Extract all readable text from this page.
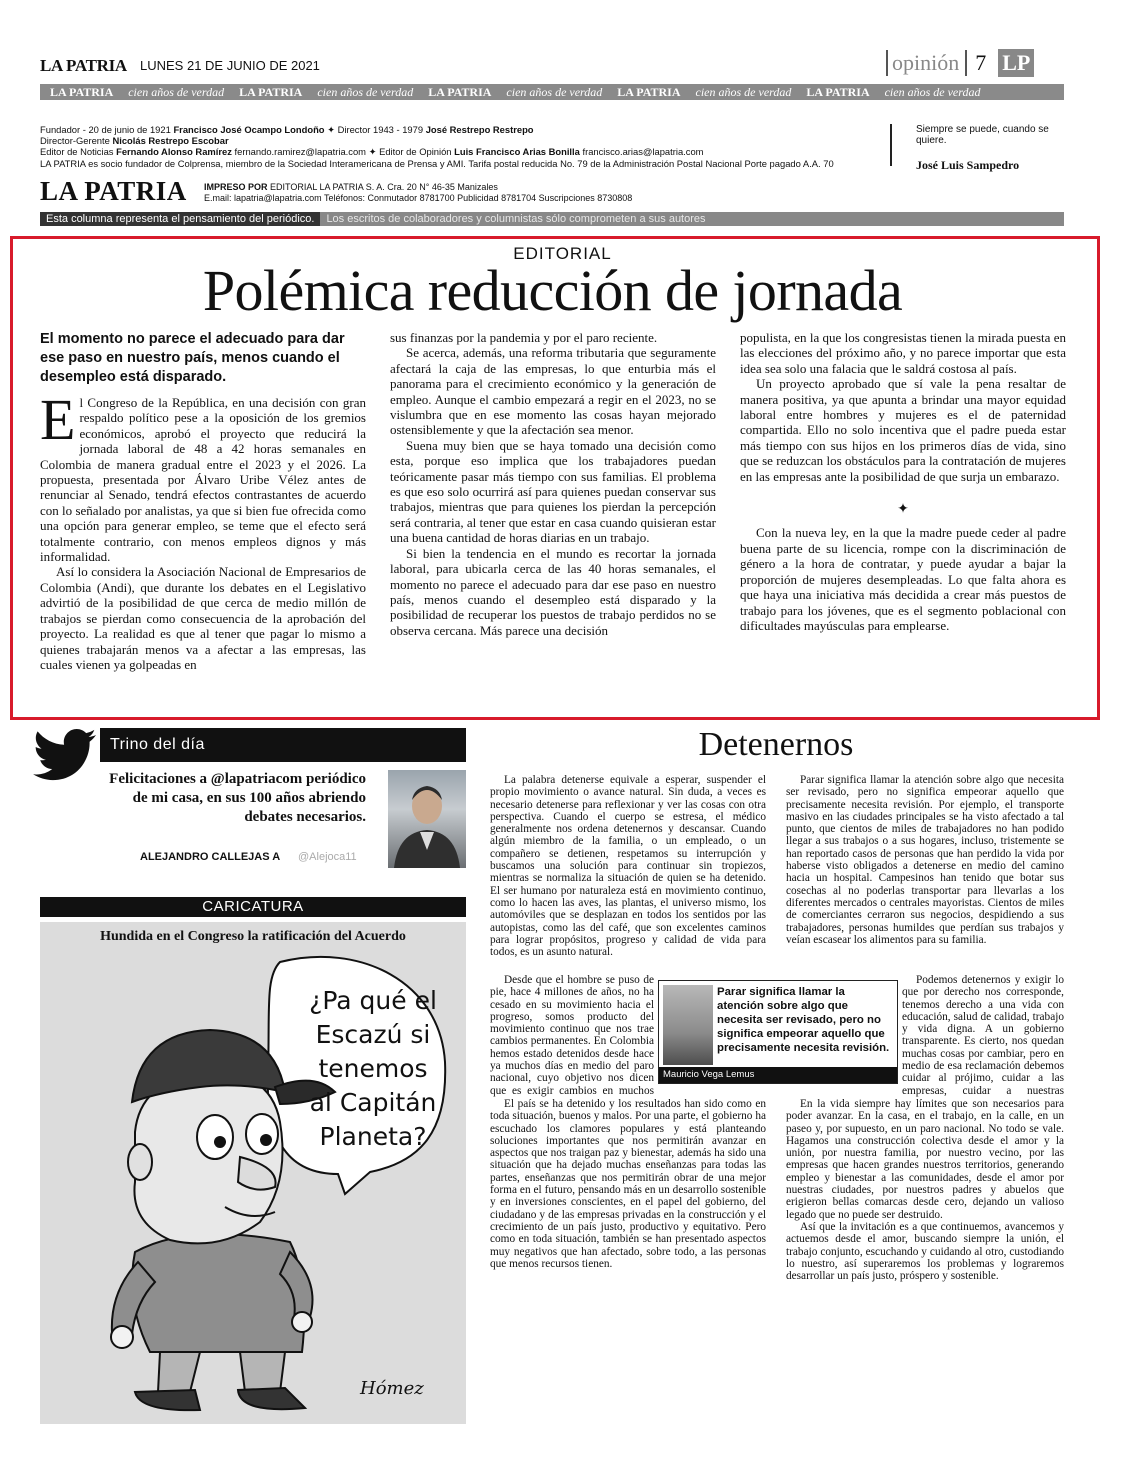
LA PATRIA LUNES 21 DE JUNIO DE 2021	opinión 7 LP
LA PATRIA cien años de verdad LA PATRIA cien años de verdad LA PATRIA cien años de verdad LA PATRIA cien años de verdad LA PATRIA cien años de verdad
Fundador - 20 de junio de 1921 Francisco José Ocampo Londoño ✦ Director 1943 - 1979 José Restrepo Restrepo
Director-Gerente Nicolás Restrepo Escobar
Editor de Noticias Fernando Alonso Ramírez fernando.ramirez@lapatria.com ✦ Editor de Opinión Luis Francisco Arias Bonilla francisco.arias@lapatria.com
LA PATRIA es socio fundador de Colprensa, miembro de la Sociedad Interamericana de Prensa y AMI. Tarifa postal reducida No. 79 de la Administración Postal Nacional Porte pagado A.A. 70
Siempre se puede, cuando se quiere.
José Luis Sampedro
LA PATRIA IMPRESO POR EDITORIAL LA PATRIA S. A. Cra. 20 N° 46-35 Manizales
E.mail: lapatria@lapatria.com Teléfonos: Conmutador 8781700 Publicidad 8781704 Suscripciones 8730808
Esta columna representa el pensamiento del periódico.	Los escritos de colaboradores y columnistas sólo comprometen a sus autores
EDITORIAL
Polémica reducción de jornada
El momento no parece el adecuado para dar ese paso en nuestro país, menos cuando el desempleo está disparado.

El Congreso de la República, en una decisión con gran respaldo político pese a la oposición de los gremios económicos, aprobó el proyecto que reducirá la jornada laboral de 48 a 42 horas semanales en Colombia de manera gradual entre el 2023 y el 2026. La propuesta, presentada por Álvaro Uribe Vélez antes de renunciar al Senado, tendrá efectos contrastantes de acuerdo con lo señalado por analistas, ya que si bien fue ofrecida como una opción para generar empleo, se teme que el efecto será totalmente contrario, con menos empleos dignos y más informalidad.

Así lo considera la Asociación Nacional de Empresarios de Colombia (Andi), que durante los debates en el Legislativo advirtió de la posibilidad de que cerca de medio millón de trabajos se pierdan como consecuencia de la aprobación del proyecto. La realidad es que al tener que pagar lo mismo a quienes trabajarán menos va a afectar a las empresas, las cuales vienen ya golpeadas en

sus finanzas por la pandemia y por el paro reciente.

Se acerca, además, una reforma tributaria que seguramente afectará la caja de las empresas, lo que enturbia más el panorama para el crecimiento económico y la generación de empleo. Aunque el cambio empezará a regir en el 2023, no se vislumbra que en ese momento las cosas hayan mejorado ostensiblemente y que la afectación sea menor.

Suena muy bien que se haya tomado una decisión como esta, porque eso implica que los trabajadores puedan teóricamente pasar más tiempo con sus familias. El problema es que eso solo ocurrirá así para quienes puedan conservar sus trabajos, mientras que para quienes los pierdan la percepción será contraria, al tener que estar en casa cuando quisieran estar una buena cantidad de horas diarias en un trabajo.

Si bien la tendencia en el mundo es recortar la jornada laboral, para ubicarla cerca de las 40 horas semanales, el momento no parece el adecuado para dar ese paso en nuestro país, menos cuando el desempleo está disparado y la posibilidad de recuperar los puestos de trabajo perdidos no se observa cercana. Más parece una decisión

populista, en la que los congresistas tienen la mirada puesta en las elecciones del próximo año, y no parece importar que esta idea sea solo una falacia que le saldrá costosa al país.

Un proyecto aprobado que sí vale la pena resaltar de manera positiva, ya que apunta a brindar una mayor equidad laboral entre hombres y mujeres es el de paternidad compartida. Ello no solo incentiva que el padre pueda estar más tiempo con sus hijos en los primeros días de vida, sino que se reduzcan los obstáculos para la contratación de mujeres en las empresas ante la posibilidad de que surja un embarazo.

✦

Con la nueva ley, en la que la madre puede ceder al padre buena parte de su licencia, rompe con la discriminación de género a la hora de contratar, y puede ayudar a bajar la proporción de mujeres desempleadas. Lo que falta ahora es que haya una iniciativa más decidida a crear más puestos de trabajo para los jóvenes, que es el segmento poblacional con dificultades mayúsculas para emplearse.

Trino del día
Felicitaciones a @lapatriacom periódico de mi casa, en sus 100 años abriendo debates necesarios.
ALEJANDRO CALLEJAS A @Alejoca11
CARICATURA
Hundida en el Congreso la ratificación del Acuerdo
¿Pa qué el
Escazú si
tenemos
al Capitán
Planeta?
Hómez
Detenernos

La palabra detenerse equivale a esperar, suspender el propio movimiento o avance natural. Sin duda, a veces es necesario detenerse para reflexionar y ver las cosas con otra perspectiva. Cuando el cuerpo se estresa, el médico generalmente nos ordena detenernos y descansar. Cuando algún miembro de la familia, o un empleado, o un compañero se detienen, respetamos su interrupción y buscamos una solución para continuar sin tropiezos, mientras se normaliza la situación de quien se ha detenido. El ser humano por naturaleza está en movimiento continuo, como lo hacen las aves, las plantas, el universo mismo, los automóviles que se desplazan en todos los sentidos por las autopistas, como las del café, que son excelentes caminos para lograr propósitos, progreso y calidad de vida para todos, es un asunto natural.

Desde que el hombre se puso de pie, hace 4 millones de años, no ha cesado en su movimiento hacia el progreso, somos producto del movimiento continuo que nos trae cambios permanentes. En Colombia hemos estado detenidos desde hace ya muchos días en medio del paro nacional, cuyo objetivo nos dicen que es exigir cambios en muchos

El país se ha detenido y los resultados han sido como en toda situación, buenos y malos. Por una parte, el gobierno ha escuchado los clamores populares y está planteando soluciones importantes que nos permitirán avanzar en aspectos que nos traigan paz y bienestar, además ha sido una situación que ha dejado muchas enseñanzas para todas las partes, enseñanzas que nos permitirán obrar de una mejor forma en el futuro, pensando más en un desarrollo sostenible y en inversiones conscientes, en el papel del gobierno, del ciudadano y de las empresas privadas en la construcción y el crecimiento de un país justo, productivo y equitativo. Pero como en toda situación, también se han presentado aspectos muy negativos que han afectado, sobre todo, a las personas que menos recursos tienen.

Parar significa llamar la atención sobre algo que necesita ser revisado, pero no significa empeorar aquello que precisamente necesita revisión. Por ejemplo, el transporte masivo en las ciudades principales se ha visto afectado a tal punto, que cientos de miles de trabajadores no han podido llegar a sus trabajos o a sus hogares, incluso, tristemente se han reportado casos de personas que han perdido la vida por haberse visto obligados a detenerse en medio del camino hacia un hospital. Campesinos han tenido que botar sus cosechas al no poderlas transportar para llevarlas a los diferentes mercados o centrales mayoristas. Cientos de miles de comerciantes cerraron sus negocios, despidiendo a sus trabajadores, personas humildes que perdían sus trabajos y veían escasear los alimentos para su familia.

Podemos detenernos y exigir lo que por derecho nos corresponde, tenemos derecho a una vida con educación, salud de calidad, trabajo y vida digna. A un gobierno transparente. Es cierto, nos quedan muchas cosas por cambiar, pero en medio de esa reclamación debemos cuidar al prójimo, cuidar a las empresas, cuidar a nuestras

En la vida siempre hay límites que son necesarios para poder avanzar. En la casa, en el trabajo, en la calle, en un paseo y, por supuesto, en un paro nacional. No todo se vale. Hagamos una construcción colectiva desde el amor y la unión, por nuestra familia, por nuestro vecino, por las empresas que hacen grandes nuestros territorios, generando empleo y bienestar a las comunidades, desde el amor por nuestras ciudades, por nuestros padres y abuelos que erigieron bellas comarcas desde cero, dejando un valioso legado que no puede ser destruido.

Así que la invitación es a que continuemos, avancemos y actuemos desde el amor, buscando siempre la unión, el trabajo conjunto, escuchando y cuidando al otro, custodiando lo nuestro, así superaremos los problemas y lograremos desarrollar un país justo, próspero y sostenible.

Parar significa llamar la atención sobre algo que necesita ser revisado, pero no significa empeorar aquello que precisamente necesita revisión.
Mauricio Vega Lemus
